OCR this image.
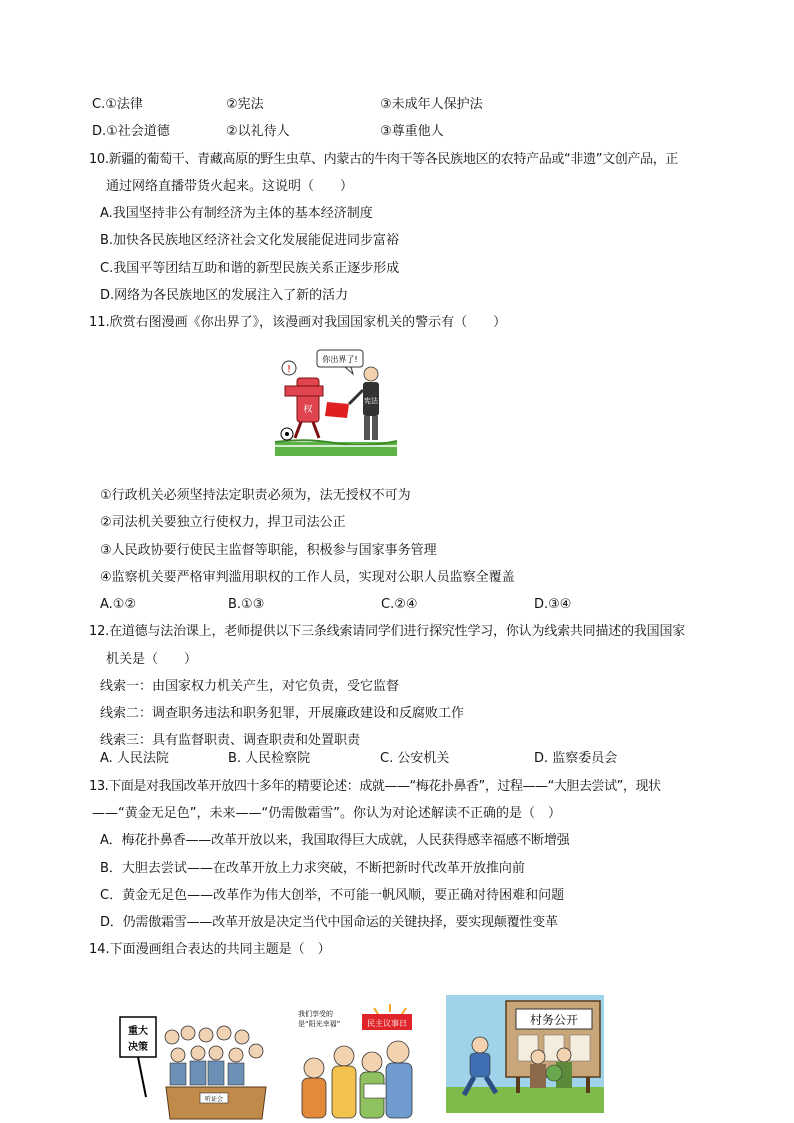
C.①法律	②宪法	③未成年人保护法
D.①社会道德	②以礼待人	③尊重他人
10.新疆的葡萄干、青藏高原的野生虫草、内蒙古的牛肉干等各民族地区的农特产品或“非遗”文创产品，正
通过网络直播带货火起来。这说明（　　）
A.我国坚持非公有制经济为主体的基本经济制度
B.加快各民族地区经济社会文化发展能促进同步富裕
C.我国平等团结互助和谐的新型民族关系正逐步形成
D.网络为各民族地区的发展注入了新的活力
11.欣赏右图漫画《你出界了》，该漫画对我国国家机关的警示有（　　）
你出界了!
宪法
权
!
①行政机关必须坚持法定职责必须为，法无授权不可为
②司法机关要独立行使权力，捍卫司法公正
③人民政协要行使民主监督等职能，积极参与国家事务管理
④监察机关要严格审判滥用职权的工作人员，实现对公职人员监察全覆盖
A.①②	B.①③	C.②④	D.③④
12.在道德与法治课上，老师提供以下三条线索请同学们进行探究性学习，你认为线索共同描述的我国国家
机关是（　　）
线索一：由国家权力机关产生，对它负责，受它监督
线索二：调查职务违法和职务犯罪，开展廉政建设和反腐败工作
线索三：具有监督职责、调查职责和处置职责
A. 人民法院	B. 人民检察院	C. 公安机关	D. 监察委员会
13.下面是对我国改革开放四十多年的精要论述：成就——“梅花扑鼻香”，过程——“大胆去尝试”，现状
——“黄金无足色”，未来——“仍需傲霜雪”。你认为对论述解读不正确的是（　）
A．梅花扑鼻香——改革开放以来，我国取得巨大成就，人民获得感幸福感不断增强
B．大胆去尝试——在改革开放上力求突破，不断把新时代改革开放推向前
C．黄金无足色——改革作为伟大创举，不可能一帆风顺，要正确对待困难和问题
D．仍需傲霜雪——改革开放是决定当代中国命运的关键抉择，要实现颠覆性变革
14.下面漫画组合表达的共同主题是（　）
重大
决策
听证会
我们享受的
是“阳光幸福”	民主议事日	村务公开
